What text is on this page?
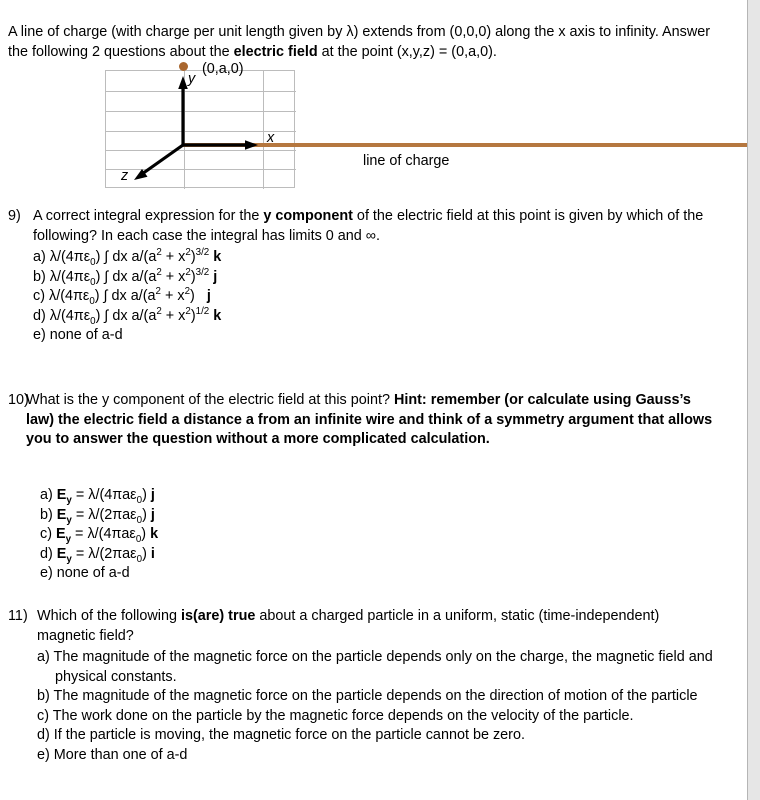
A line of charge (with charge per unit length given by λ) extends from (0,0,0) along the x axis to infinity. Answer the following 2 questions about the electric field at the point (x,y,z) = (0,a,0).
line of charge
(0,a,0)
y
x
z
9) A correct integral expression for the y component of the electric field at this point is given by which of the following? In each case the integral has limits 0 and ∞.
a) $\lambda/(4\pi\varepsilon_0)$ ∫ dx $a/(a^2 + x^2)^{3/2}$ k
b) $\lambda/(4\pi\varepsilon_0)$ ∫ dx $a/(a^2 + x^2)^{3/2}$ j
c) $\lambda/(4\pi\varepsilon_0)$ ∫ dx $a/(a^2 + x^2)$ j
d) $\lambda/(4\pi\varepsilon_0)$ ∫ dx $a/(a^2 + x^2)^{1/2}$ k
e) none of a-d
10)
What is the y component of the electric field at this point? Hint: remember (or calculate using Gauss’s law) the electric field a distance a from an infinite wire and think of a symmetry argument that allows you to answer the question without a more complicated calculation.
a) $E_y = \lambda/(4\pi a\varepsilon_0)$ j
b) $E_y = \lambda/(2\pi a\varepsilon_0)$ j
c) $E_y = \lambda/(4\pi a\varepsilon_0)$ k
d) $E_y = \lambda/(2\pi a\varepsilon_0)$ i
e) none of a-d
11) Which of the following is(are) true about a charged particle in a uniform, static (time-independent) magnetic field?
a) The magnitude of the magnetic force on the particle depends only on the charge, the magnetic field and physical constants.
b) The magnitude of the magnetic force on the particle depends on the direction of motion of the particle
c) The work done on the particle by the magnetic force depends on the velocity of the particle.
d) If the particle is moving, the magnetic force on the particle cannot be zero.
e) More than one of a-d
